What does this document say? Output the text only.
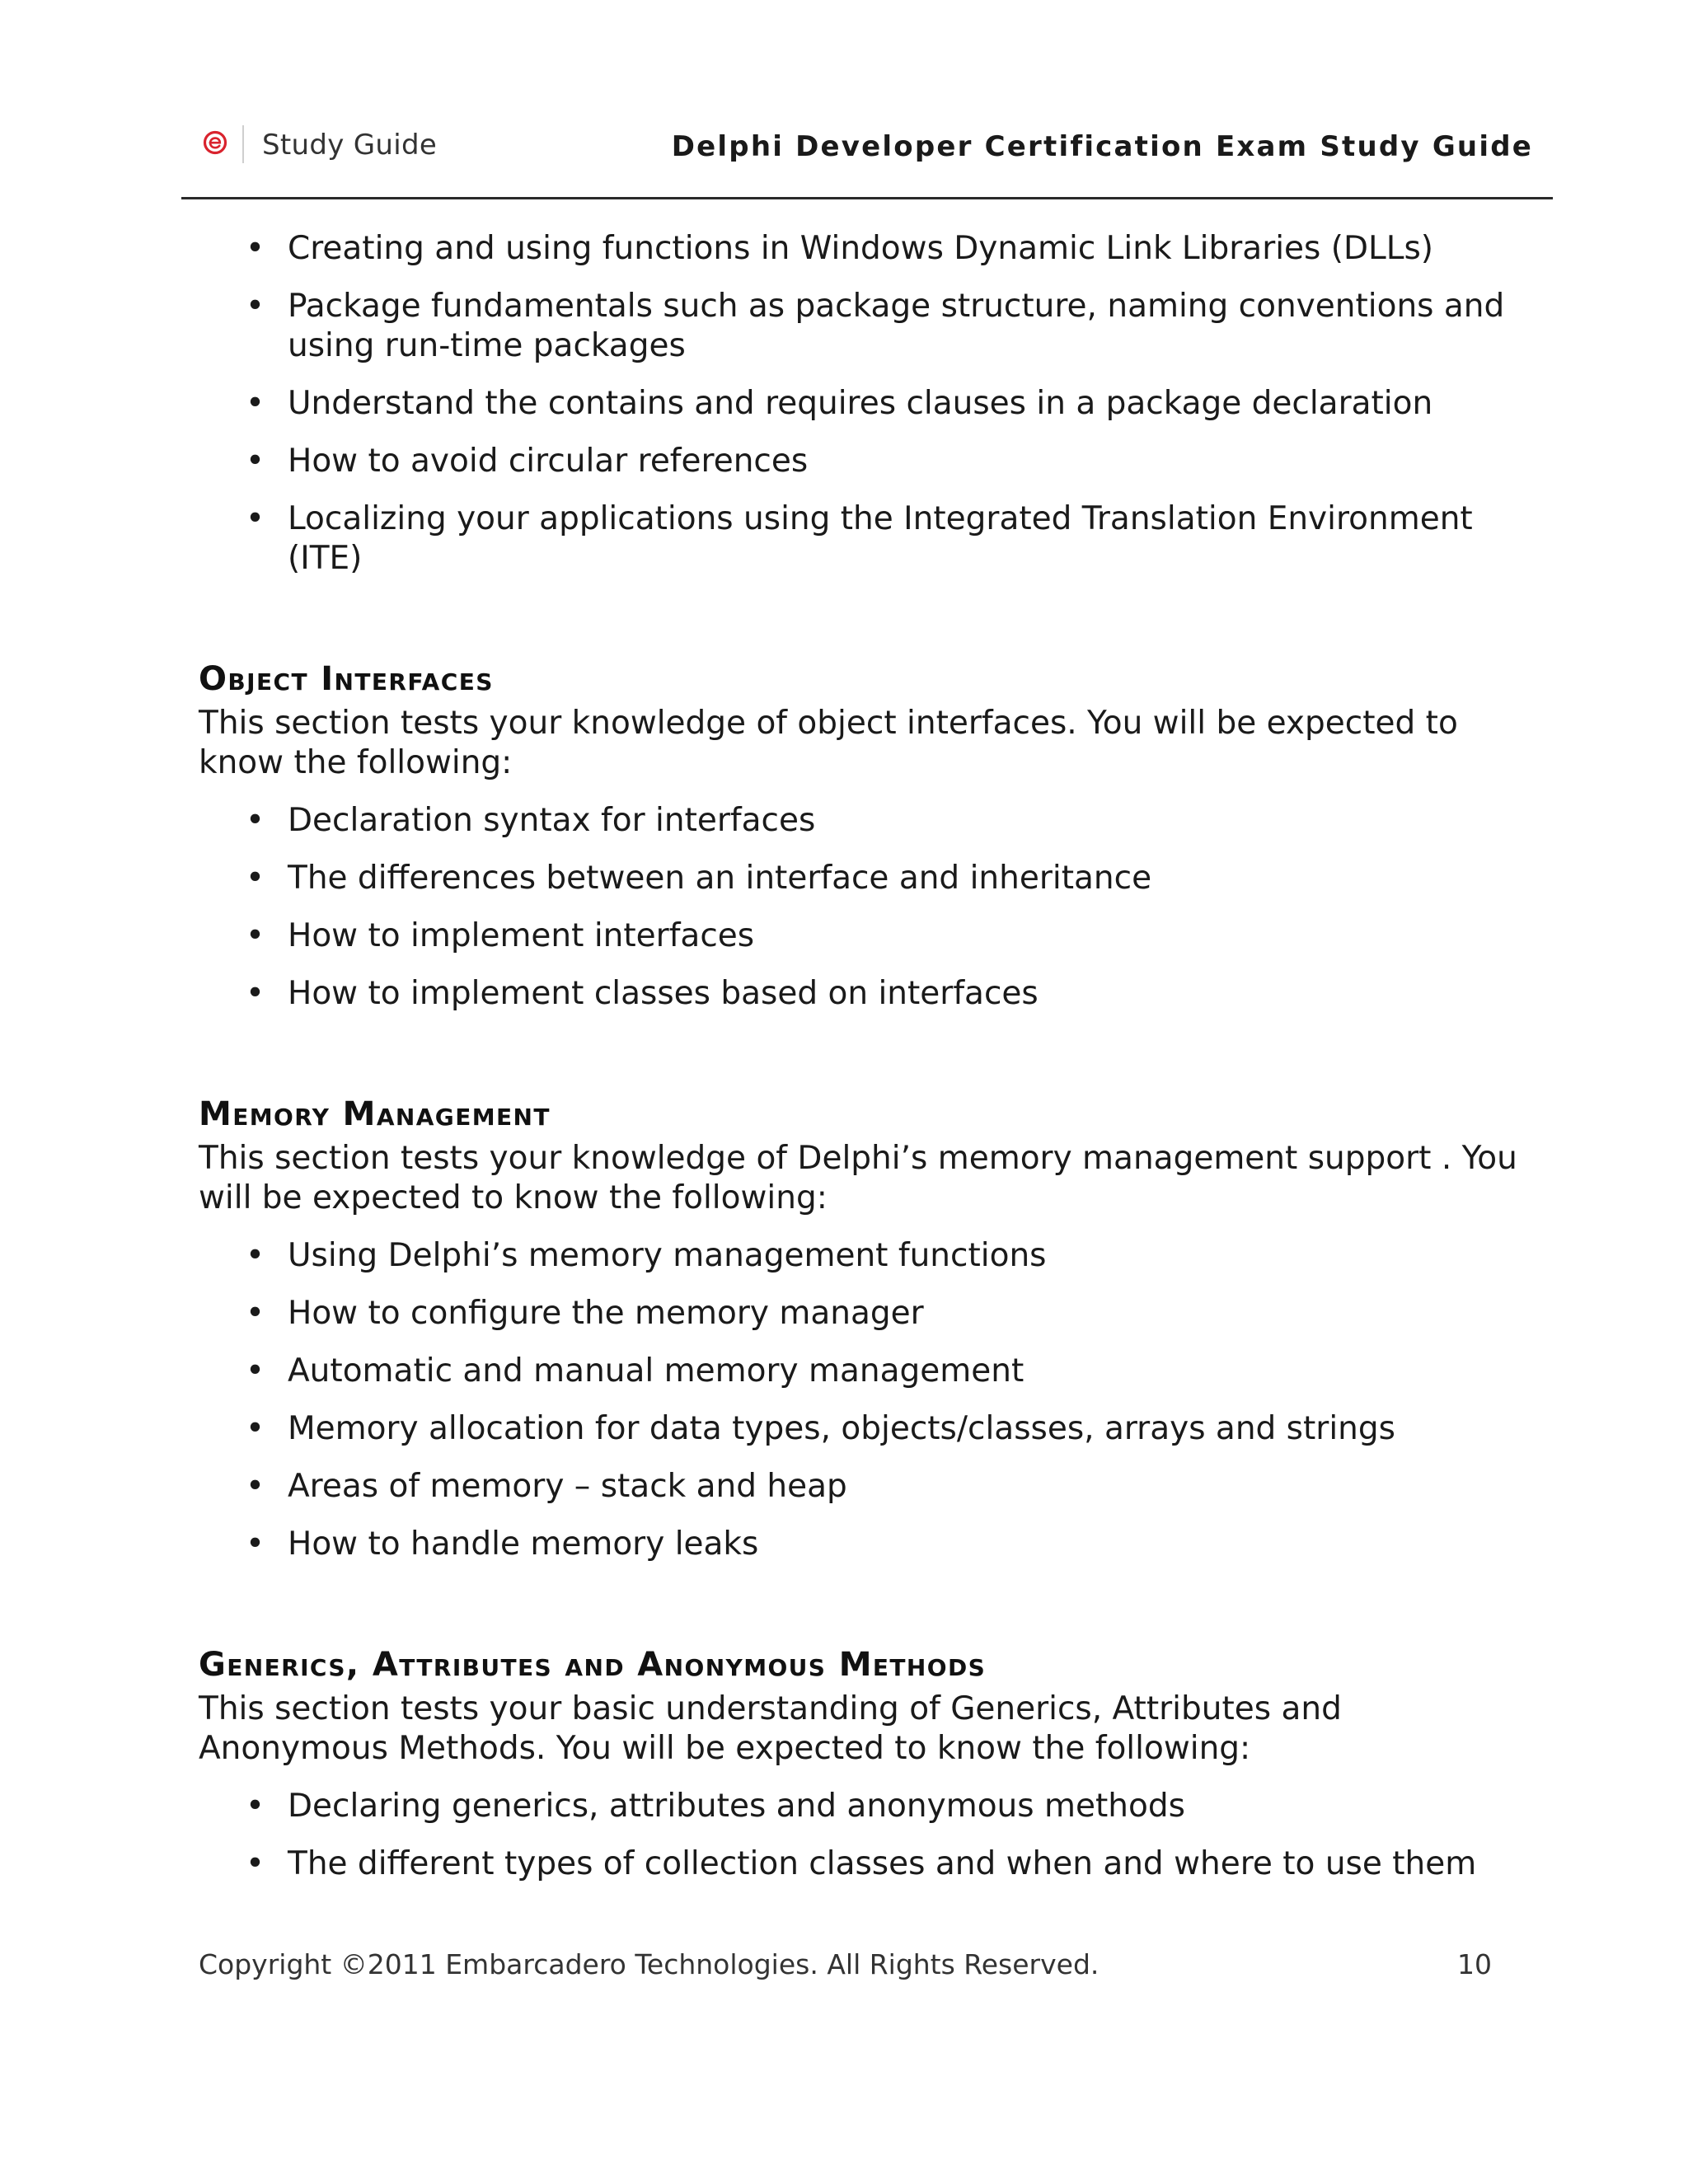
Study Guide	Delphi Developer Certification Exam Study Guide
• Creating and using functions in Windows Dynamic Link Libraries (DLLs)
• Package fundamentals such as package structure, naming conventions and using run-time packages
• Understand the contains and requires clauses in a package declaration
• How to avoid circular references
• Localizing your applications using the Integrated Translation Environment (ITE)
Object Interfaces

This section tests your knowledge of object interfaces. You will be expected to know the following:

• Declaration syntax for interfaces
• The differences between an interface and inheritance
• How to implement interfaces
• How to implement classes based on interfaces
Memory Management

This section tests your knowledge of Delphi’s memory management support . You will be expected to know the following:

• Using Delphi’s memory management functions
• How to configure the memory manager
• Automatic and manual memory management
• Memory allocation for data types, objects/classes, arrays and strings
• Areas of memory – stack and heap
• How to handle memory leaks
Generics, Attributes and Anonymous Methods

This section tests your basic understanding of Generics, Attributes and Anonymous Methods. You will be expected to know the following:

• Declaring generics, attributes and anonymous methods
• The different types of collection classes and when and where to use them
Copyright ©2011 Embarcadero Technologies. All Rights Reserved.	10
